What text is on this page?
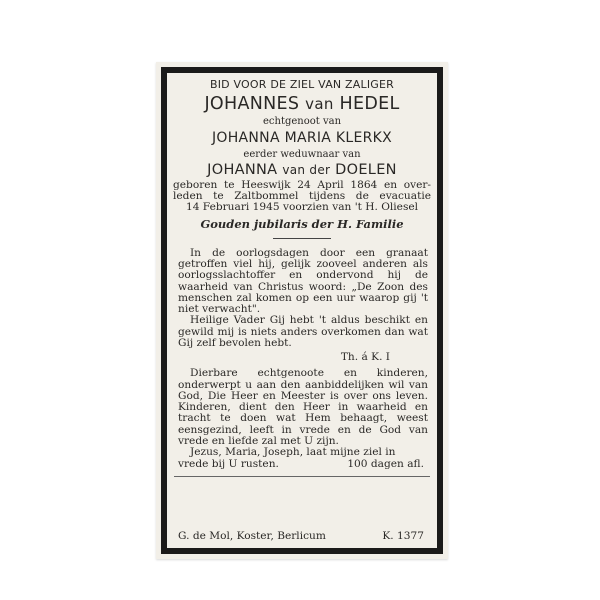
BID VOOR DE ZIEL VAN ZALIGER
JOHANNES van HEDEL
echtgenoot van
JOHANNA MARIA KLERKX
eerder weduwnaar van
JOHANNA van der DOELEN
geboren te Heeswijk 24 April 1864 en over-
leden te Zaltbommel tijdens de evacuatie
14 Februari 1945 voorzien van 't H. Oliesel
Gouden jubilaris der H. Familie
In de oorlogsdagen door een granaat getroffen viel hij, gelijk zooveel anderen als oorlogsslachtoffer en ondervond hij de waarheid van Christus woord: „De Zoon des menschen zal komen op een uur waarop gij 't niet verwacht".
Heilige Vader Gij hebt 't aldus beschikt en gewild mij is niets anders overkomen dan wat Gij zelf bevolen hebt.
Th. á K. I
Dierbare echtgenoote en kinderen, onderwerpt u aan den aanbiddelijken wil van God, Die Heer en Meester is over ons leven. Kinderen, dient den Heer in waarheid en tracht te doen wat Hem behaagt, weest eensgezind, leeft in vrede en de God van vrede en liefde zal met U zijn.
Jezus, Maria, Joseph, laat mijne ziel in
vrede bij U rusten.	100 dagen afl.
G. de Mol, Koster, Berlicum	K. 1377
